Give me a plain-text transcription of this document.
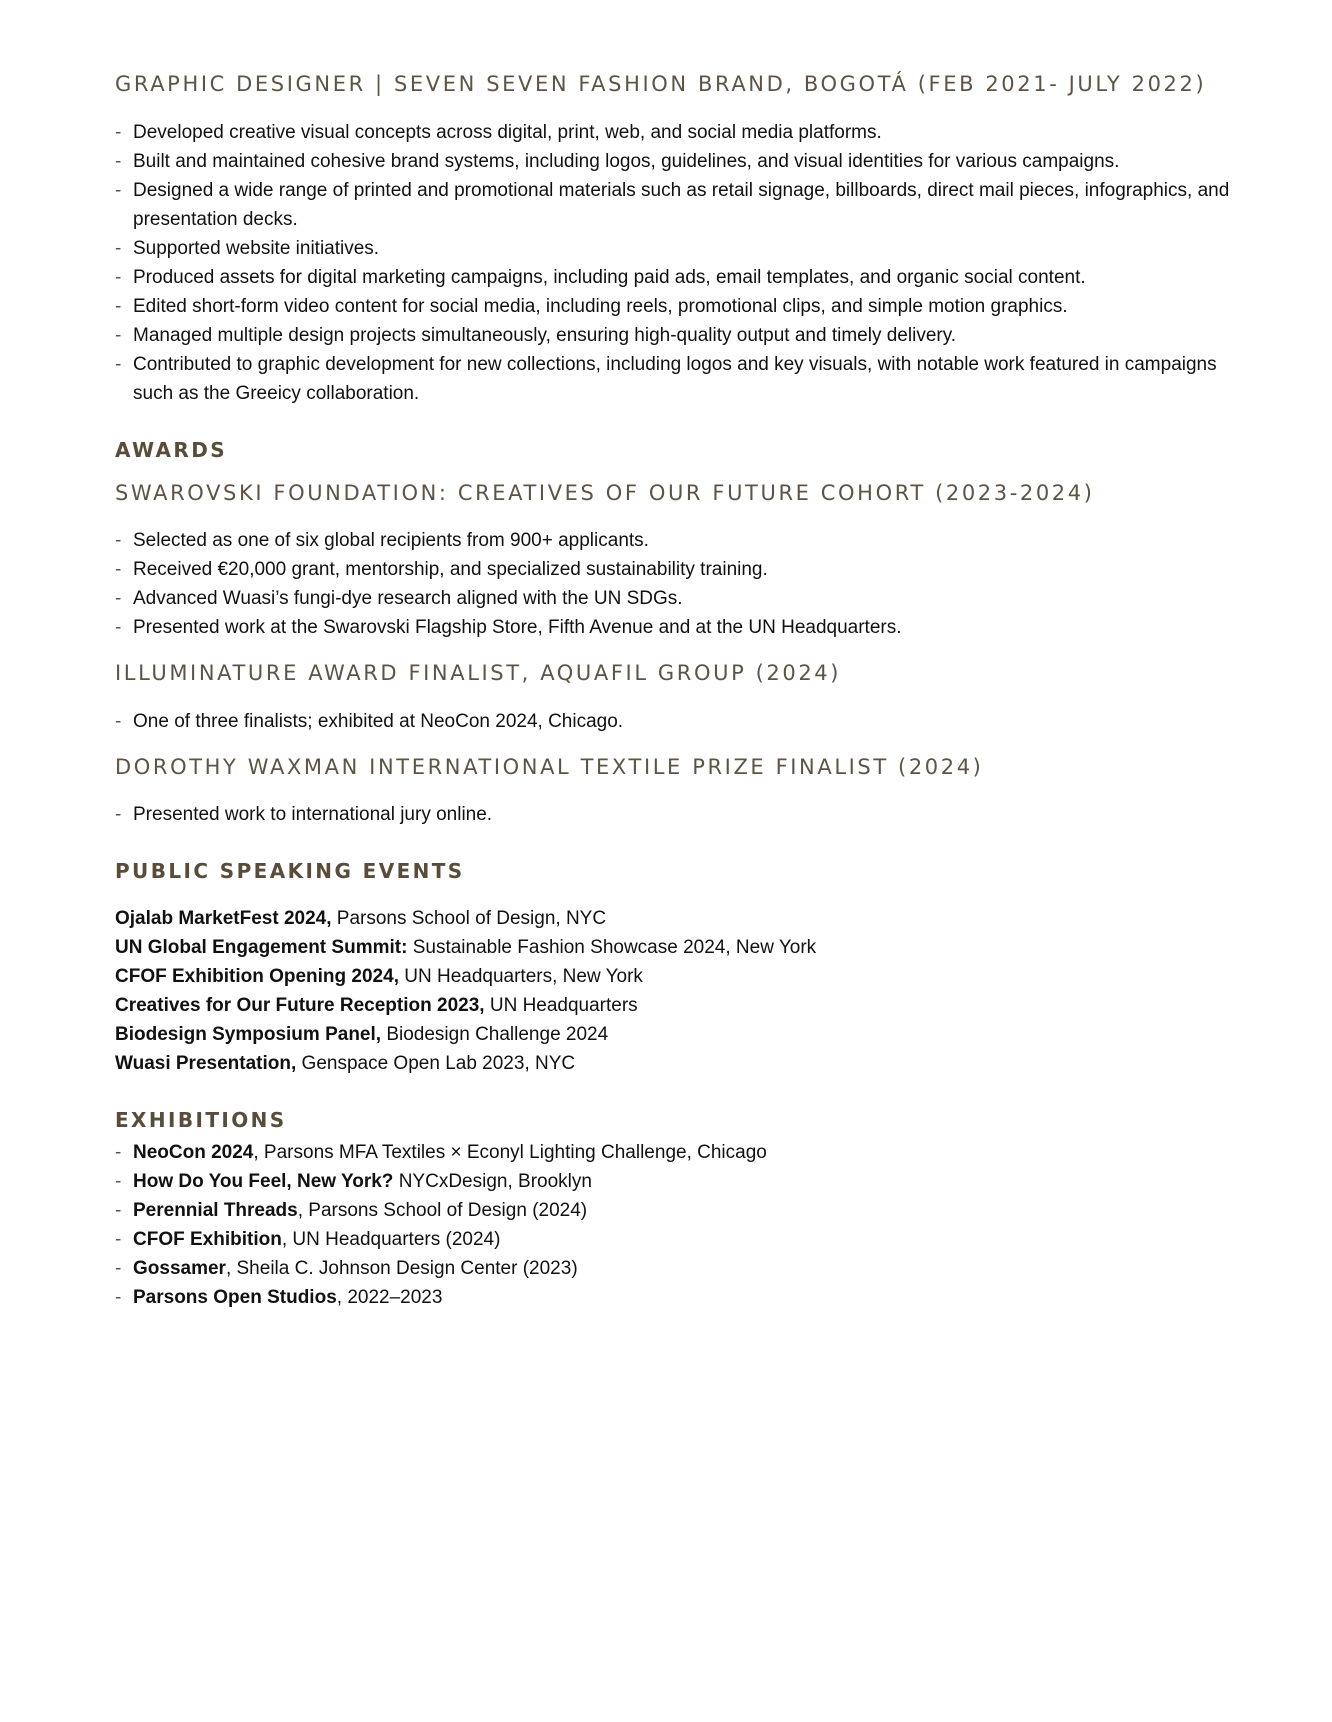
GRAPHIC DESIGNER | SEVEN SEVEN FASHION BRAND, BOGOTÁ (FEB 2021- JULY 2022)
- Developed creative visual concepts across digital, print, web, and social media platforms.
- Built and maintained cohesive brand systems, including logos, guidelines, and visual identities for various campaigns.
- Designed a wide range of printed and promotional materials such as retail signage, billboards, direct mail pieces, infographics, and presentation decks.
- Supported website initiatives.
- Produced assets for digital marketing campaigns, including paid ads, email templates, and organic social content.
- Edited short-form video content for social media, including reels, promotional clips, and simple motion graphics.
- Managed multiple design projects simultaneously, ensuring high-quality output and timely delivery.
- Contributed to graphic development for new collections, including logos and key visuals, with notable work featured in campaigns such as the Greeicy collaboration.
AWARDS
SWAROVSKI FOUNDATION: CREATIVES OF OUR FUTURE COHORT (2023-2024)
- Selected as one of six global recipients from 900+ applicants.
- Received €20,000 grant, mentorship, and specialized sustainability training.
- Advanced Wuasi’s fungi-dye research aligned with the UN SDGs.
- Presented work at the Swarovski Flagship Store, Fifth Avenue and at the UN Headquarters.
ILLUMINATURE AWARD FINALIST, AQUAFIL GROUP (2024)
- One of three finalists; exhibited at NeoCon 2024, Chicago.
DOROTHY WAXMAN INTERNATIONAL TEXTILE PRIZE FINALIST (2024)
- Presented work to international jury online.
PUBLIC SPEAKING EVENTS
Ojalab MarketFest 2024, Parsons School of Design, NYC
UN Global Engagement Summit: Sustainable Fashion Showcase 2024, New York
CFOF Exhibition Opening 2024, UN Headquarters, New York
Creatives for Our Future Reception 2023, UN Headquarters
Biodesign Symposium Panel, Biodesign Challenge 2024
Wuasi Presentation, Genspace Open Lab 2023, NYC
EXHIBITIONS
- NeoCon 2024, Parsons MFA Textiles × Econyl Lighting Challenge, Chicago
- How Do You Feel, New York? NYCxDesign, Brooklyn
- Perennial Threads, Parsons School of Design (2024)
- CFOF Exhibition, UN Headquarters (2024)
- Gossamer, Sheila C. Johnson Design Center (2023)
- Parsons Open Studios, 2022–2023
